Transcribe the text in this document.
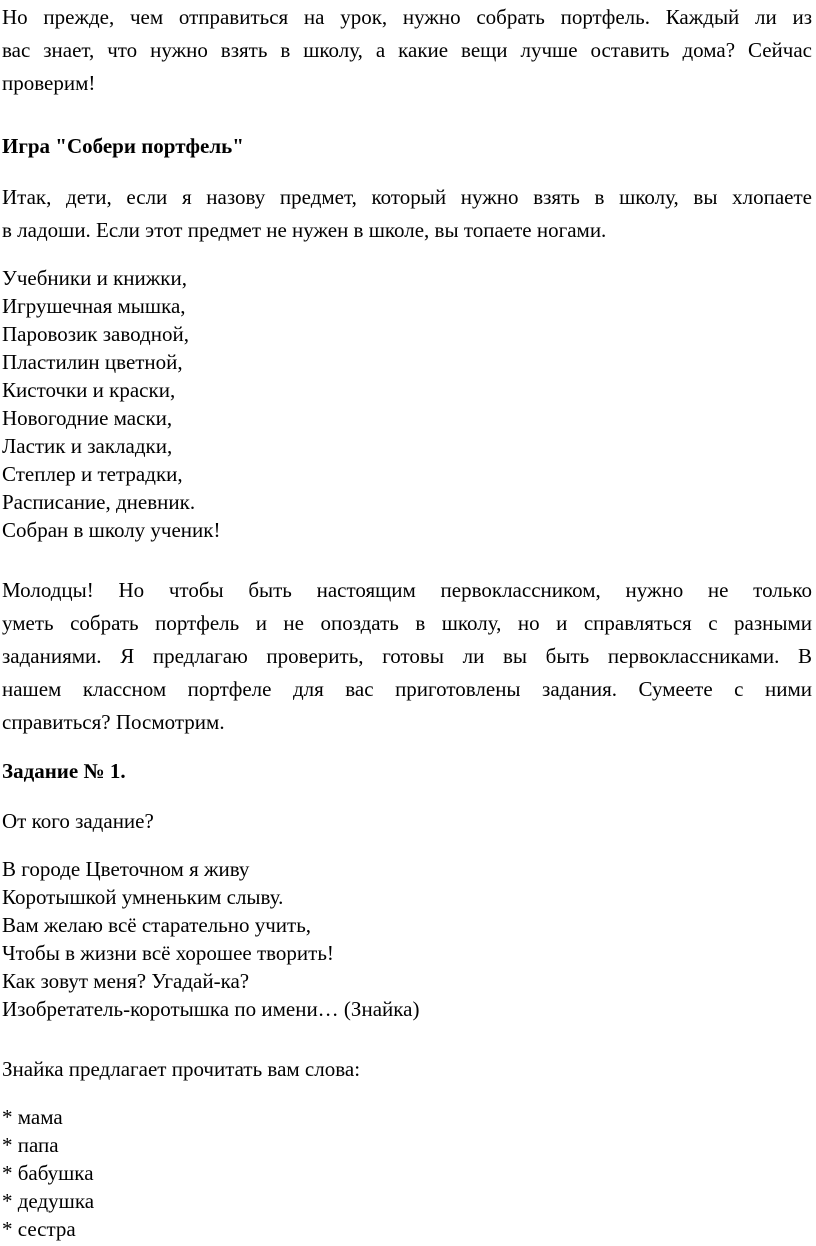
Но прежде, чем отправиться на урок, нужно собрать портфель. Каждый ли из
вас знает, что нужно взять в школу, а какие вещи лучше оставить дома? Сейчас
проверим!
Игра "Собери портфель"
Итак, дети, если я назову предмет, который нужно взять в школу, вы хлопаете
в ладоши. Если этот предмет не нужен в школе, вы топаете ногами.
Учебники и книжки,
Игрушечная мышка,
Паровозик заводной,
Пластилин цветной,
Кисточки и краски,
Новогодние маски,
Ластик и закладки,
Степлер и тетрадки,
Расписание, дневник.
Собран в школу ученик!
Молодцы! Но чтобы быть настоящим первоклассником, нужно не только
уметь собрать портфель и не опоздать в школу, но и справляться с разными
заданиями. Я предлагаю проверить, готовы ли вы быть первоклассниками. В
нашем классном портфеле для вас приготовлены задания. Сумеете с ними
справиться? Посмотрим.
Задание № 1.
От кого задание?
В городе Цветочном я живу
Коротышкой умненьким слыву.
Вам желаю всё старательно учить,
Чтобы в жизни всё хорошее творить!
Как зовут меня? Угадай-ка?
Изобретатель-коротышка по имени… (Знайка)
Знайка предлагает прочитать вам слова:
* мама
* папа
* бабушка
* дедушка
* сестра
